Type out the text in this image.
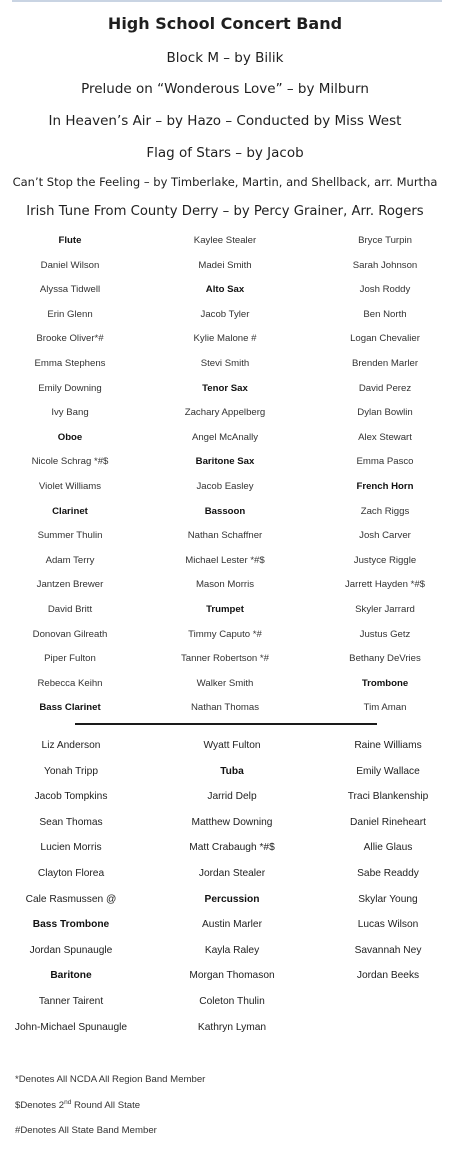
High School Concert Band
Block M – by Bilik
Prelude on “Wonderous Love” – by Milburn
In Heaven’s Air – by Hazo – Conducted by Miss West
Flag of Stars – by Jacob
Can’t Stop the Feeling – by Timberlake, Martin, and Shellback, arr. Murtha
Irish Tune From County Derry – by Percy Grainer, Arr. Rogers
Flute
Daniel Wilson
Alyssa Tidwell
Erin Glenn
Brooke Oliver*#
Emma Stephens
Emily Downing
Ivy Bang
Oboe
Nicole Schrag *#$
Violet Williams
Clarinet
Summer Thulin
Adam Terry
Jantzen Brewer
David Britt
Donovan Gilreath
Piper Fulton
Rebecca Keihn
Bass Clarinet
Kaylee Stealer
Madei Smith
Alto Sax
Jacob Tyler
Kylie Malone #
Stevi Smith
Tenor Sax
Zachary Appelberg
Angel McAnally
Baritone Sax
Jacob Easley
Bassoon
Nathan Schaffner
Michael Lester *#$
Mason Morris
Trumpet
Timmy Caputo *#
Tanner Robertson *#
Walker Smith
Nathan Thomas
Bryce Turpin
Sarah Johnson
Josh Roddy
Ben North
Logan Chevalier
Brenden Marler
David Perez
Dylan Bowlin
Alex Stewart
Emma Pasco
French Horn
Zach Riggs
Josh Carver
Justyce Riggle
Jarrett Hayden *#$
Skyler Jarrard
Justus Getz
Bethany DeVries
Trombone
Tim Aman
Liz Anderson
Yonah Tripp
Jacob Tompkins
Sean Thomas
Lucien Morris
Clayton Florea
Cale Rasmussen @
Bass Trombone
Jordan Spunaugle
Baritone
Tanner Tairent
John-Michael Spunaugle
Wyatt Fulton
Tuba
Jarrid Delp
Matthew Downing
Matt Crabaugh *#$
Jordan Stealer
Percussion
Austin Marler
Kayla Raley
Morgan Thomason
Coleton Thulin
Kathryn Lyman
Raine Williams
Emily Wallace
Traci Blankenship
Daniel Rineheart
Allie Glaus
Sabe Readdy
Skylar Young
Lucas Wilson
Savannah Ney
Jordan Beeks
*Denotes All NCDA All Region Band Member
$Denotes 2nd Round All State
#Denotes All State Band Member
